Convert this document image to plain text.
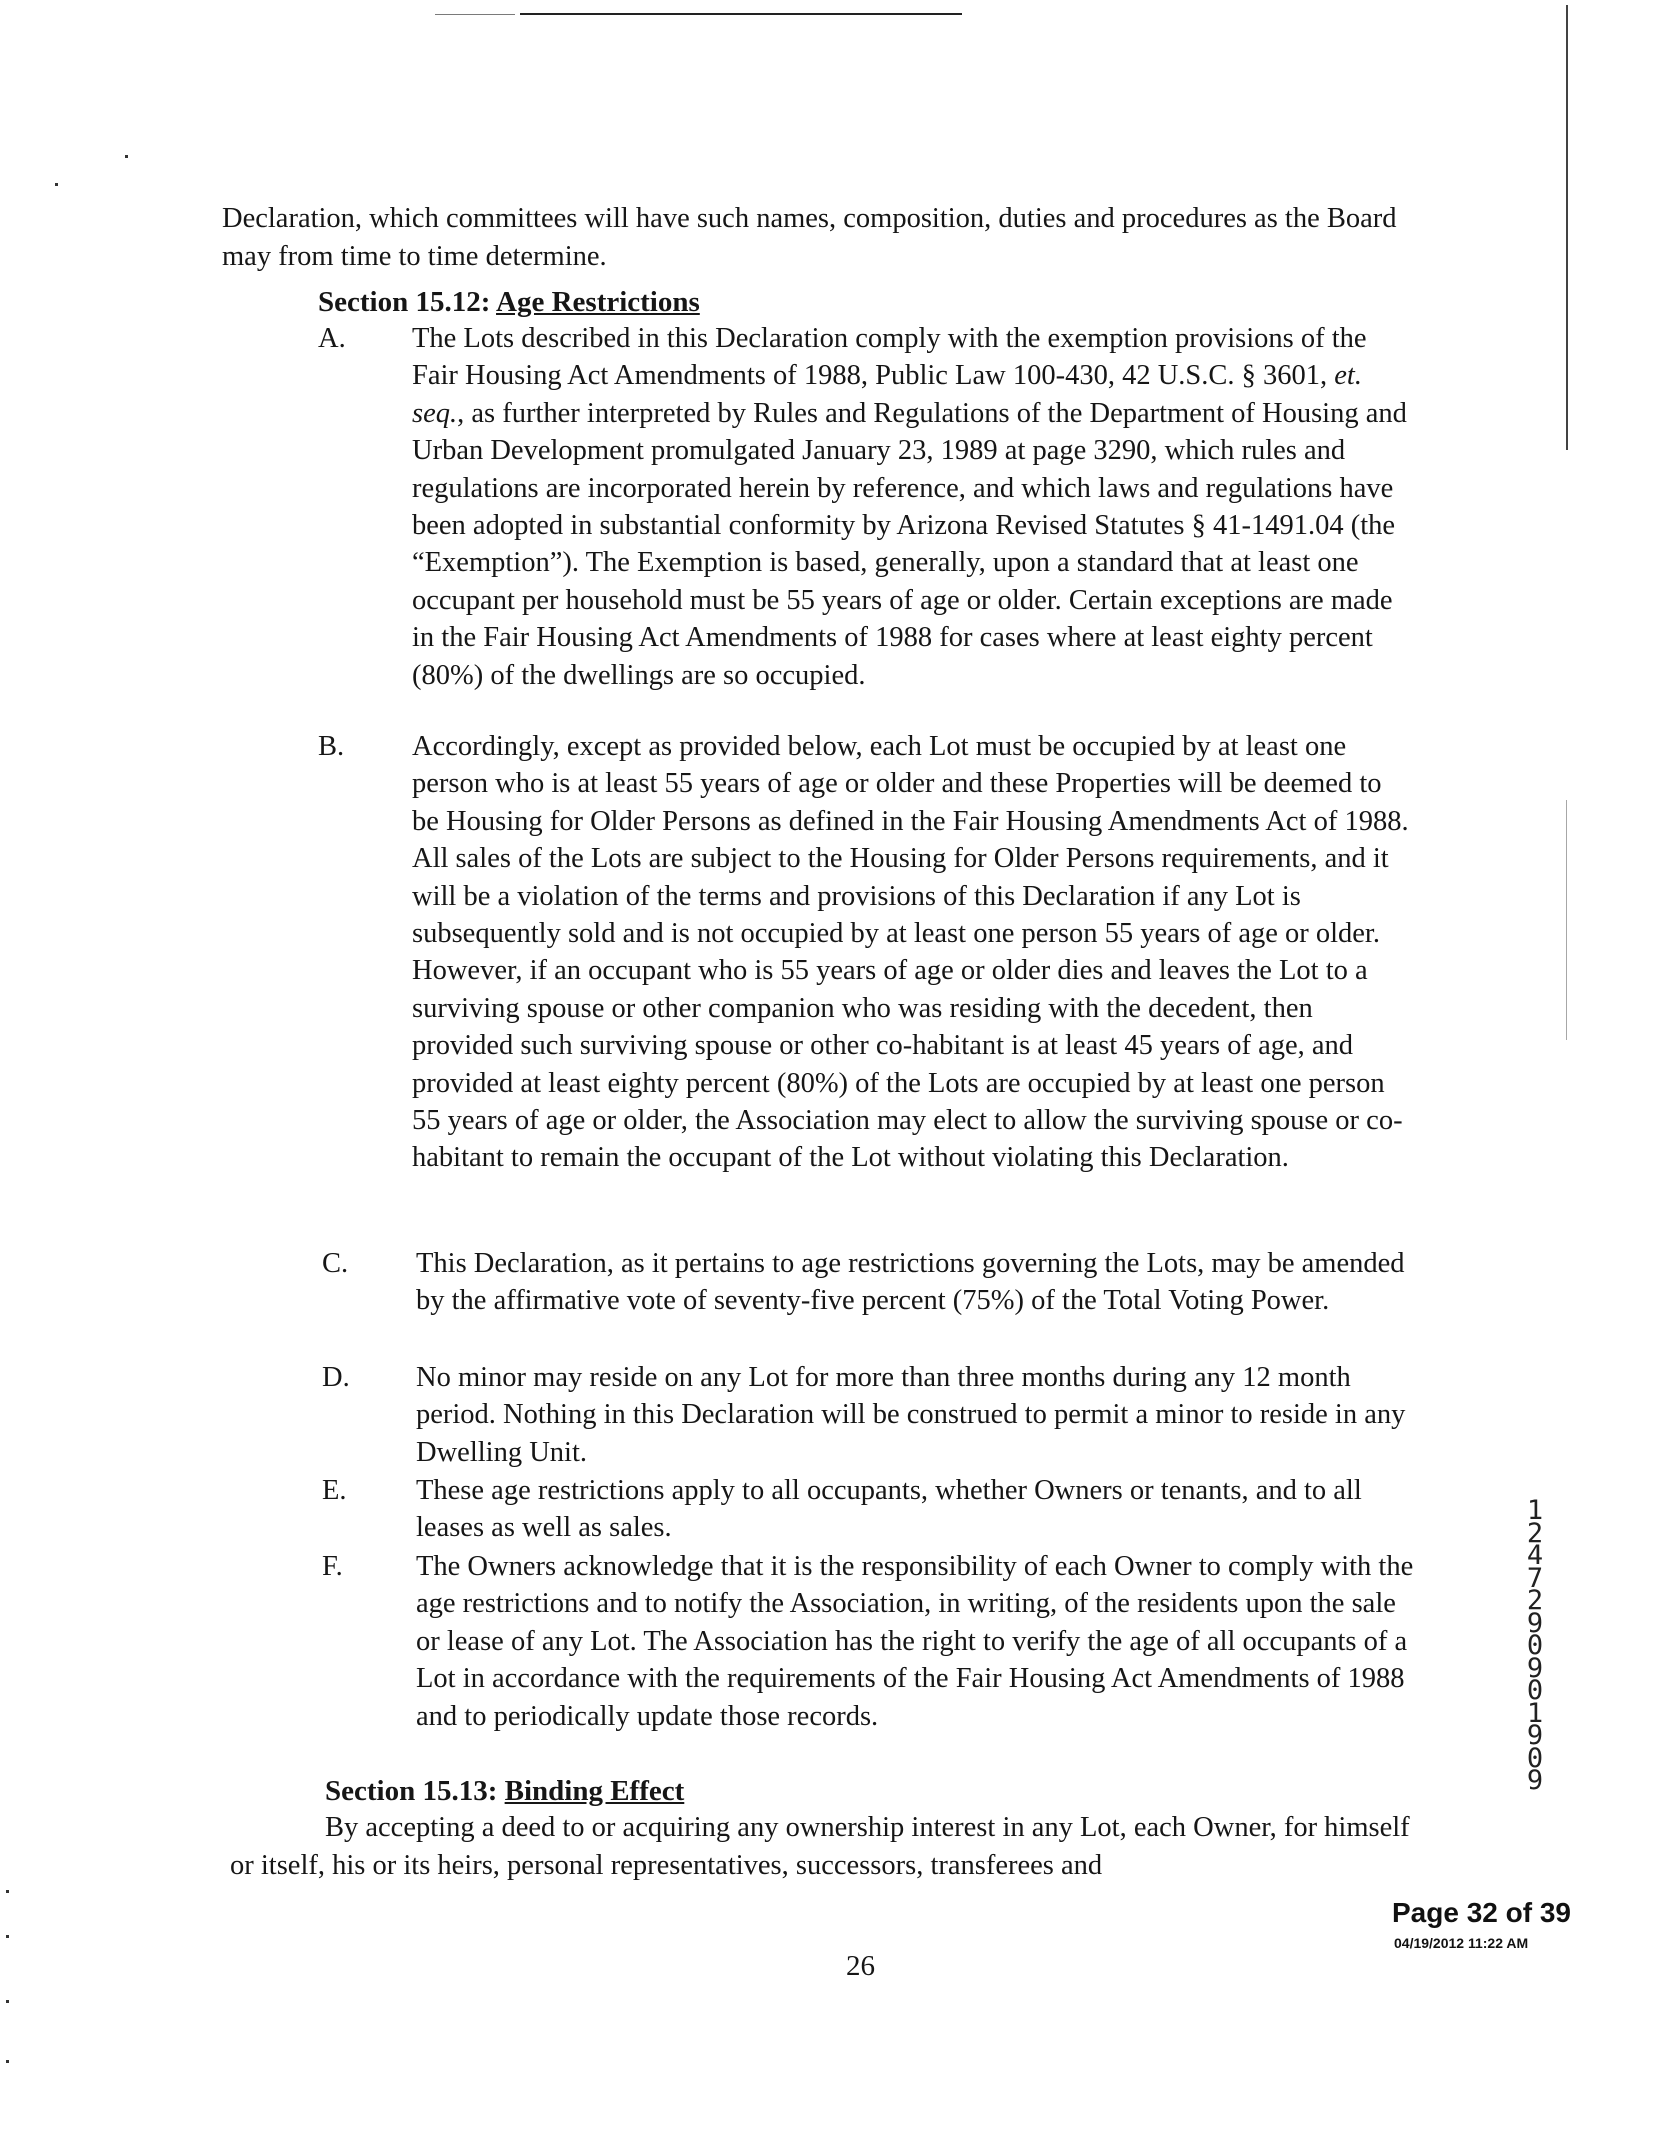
Declaration, which committees will have such names, composition, duties and procedures as the Board may from time to time determine.
Section 15.12: Age Restrictions
A.	The Lots described in this Declaration comply with the exemption provisions of the Fair Housing Act Amendments of 1988, Public Law 100-430, 42 U.S.C. § 3601, et. seq., as further interpreted by Rules and Regulations of the Department of Housing and Urban Development promulgated January 23, 1989 at page 3290, which rules and regulations are incorporated herein by reference, and which laws and regulations have been adopted in substantial conformity by Arizona Revised Statutes § 41-1491.04 (the “Exemption”). The Exemption is based, generally, upon a standard that at least one occupant per household must be 55 years of age or older. Certain exceptions are made in the Fair Housing Act Amendments of 1988 for cases where at least eighty percent (80%) of the dwellings are so occupied.
B.	Accordingly, except as provided below, each Lot must be occupied by at least one person who is at least 55 years of age or older and these Properties will be deemed to be Housing for Older Persons as defined in the Fair Housing Amendments Act of 1988. All sales of the Lots are subject to the Housing for Older Persons requirements, and it will be a violation of the terms and provisions of this Declaration if any Lot is subsequently sold and is not occupied by at least one person 55 years of age or older. However, if an occupant who is 55 years of age or older dies and leaves the Lot to a surviving spouse or other companion who was residing with the decedent, then provided such surviving spouse or other co-habitant is at least 45 years of age, and provided at least eighty percent (80%) of the Lots are occupied by at least one person 55 years of age or older, the Association may elect to allow the surviving spouse or co-habitant to remain the occupant of the Lot without violating this Declaration.
C.	This Declaration, as it pertains to age restrictions governing the Lots, may be amended by the affirmative vote of seventy-five percent (75%) of the Total Voting Power.
D.	No minor may reside on any Lot for more than three months during any 12 month period. Nothing in this Declaration will be construed to permit a minor to reside in any Dwelling Unit.
E.	These age restrictions apply to all occupants, whether Owners or tenants, and to all leases as well as sales.
F.	The Owners acknowledge that it is the responsibility of each Owner to comply with the age restrictions and to notify the Association, in writing, of the residents upon the sale or lease of any Lot. The Association has the right to verify the age of all occupants of a Lot in accordance with the requirements of the Fair Housing Act Amendments of 1988 and to periodically update those records.
Section 15.13: Binding Effect
By accepting a deed to or acquiring any ownership interest in any Lot, each Owner, for himself or itself, his or its heirs, personal representatives, successors, transferees and
12472909 01909
Page 32 of 39
04/19/2012 11:22 AM
26
